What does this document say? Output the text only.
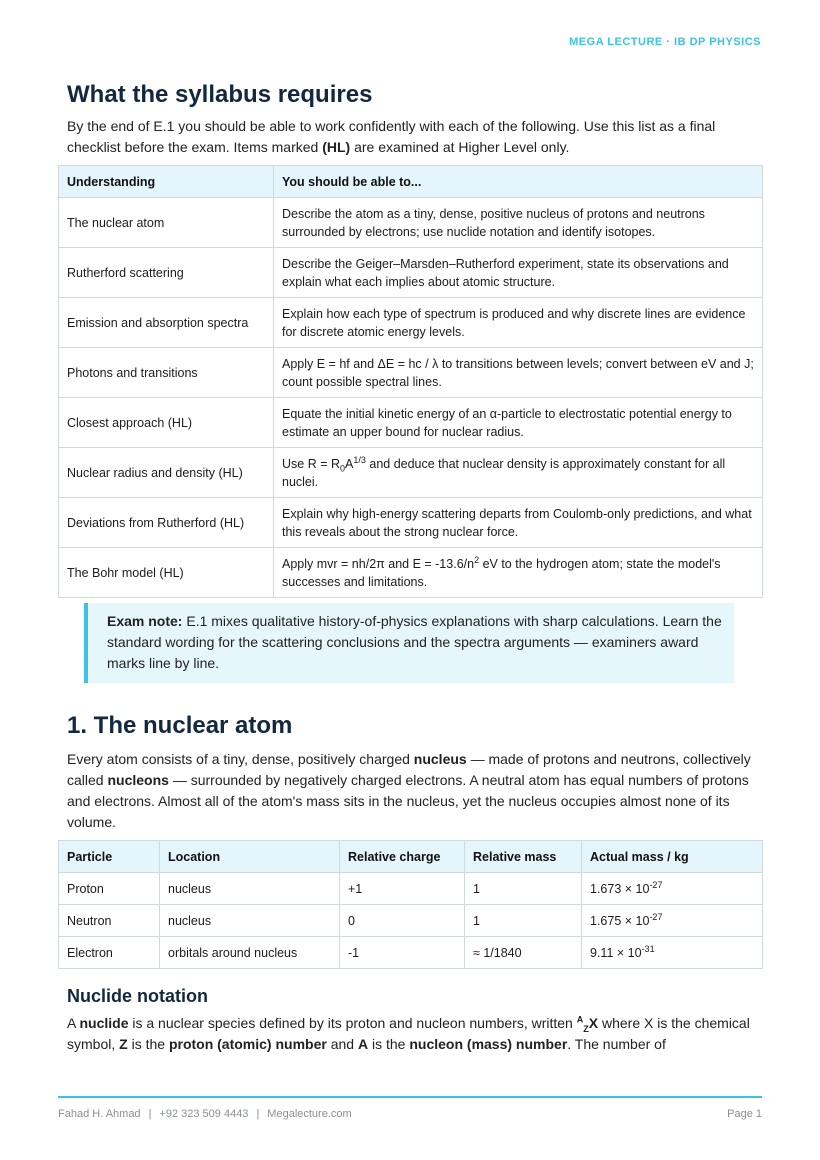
MEGA LECTURE · IB DP PHYSICS
What the syllabus requires

By the end of E.1 you should be able to work confidently with each of the following. Use this list as a final checklist before the exam. Items marked (HL) are examined at Higher Level only.

Understanding	You should be able to...
The nuclear atom	Describe the atom as a tiny, dense, positive nucleus of protons and neutrons surrounded by electrons; use nuclide notation and identify isotopes.
Rutherford scattering	Describe the Geiger–Marsden–Rutherford experiment, state its observations and explain what each implies about atomic structure.
Emission and absorption spectra	Explain how each type of spectrum is produced and why discrete lines are evidence for discrete atomic energy levels.
Photons and transitions	Apply E = hf and ΔE = hc / λ to transitions between levels; convert between eV and J; count possible spectral lines.
Closest approach (HL)	Equate the initial kinetic energy of an α-particle to electrostatic potential energy to estimate an upper bound for nuclear radius.
Nuclear radius and density (HL)	Use $R = R_0A^{1/3}$ and deduce that nuclear density is approximately constant for all nuclei.
Deviations from Rutherford (HL)	Explain why high-energy scattering departs from Coulomb-only predictions, and what this reveals about the strong nuclear force.
The Bohr model (HL)	Apply mvr = nh/2π and $E = -13.6/n^2$ eV to the hydrogen atom; state the model's successes and limitations.
Exam note: E.1 mixes qualitative history-of-physics explanations with sharp calculations. Learn the standard wording for the scattering conclusions and the spectra arguments — examiners award marks line by line.
1. The nuclear atom

Every atom consists of a tiny, dense, positively charged nucleus — made of protons and neutrons, collectively called nucleons — surrounded by negatively charged electrons. A neutral atom has equal numbers of protons and electrons. Almost all of the atom's mass sits in the nucleus, yet the nucleus occupies almost none of its volume.

Particle	Location	Relative charge	Relative mass	Actual mass / kg
Proton	nucleus	+1	1	$1.673 \times 10^{-27}$
Neutron	nucleus	0	1	$1.675 \times 10^{-27}$
Electron	orbitals around nucleus	-1	≈ 1/1840	$9.11 \times 10^{-31}$
Nuclide notation

A nuclide is a nuclear species defined by its proton and nucleon numbers, written $^A_Z$X where X is the chemical symbol, Z is the proton (atomic) number and A is the nucleon (mass) number. The number of

Fahad H. Ahmad | +92 323 509 4443 | Megalecture.com	Page 1
